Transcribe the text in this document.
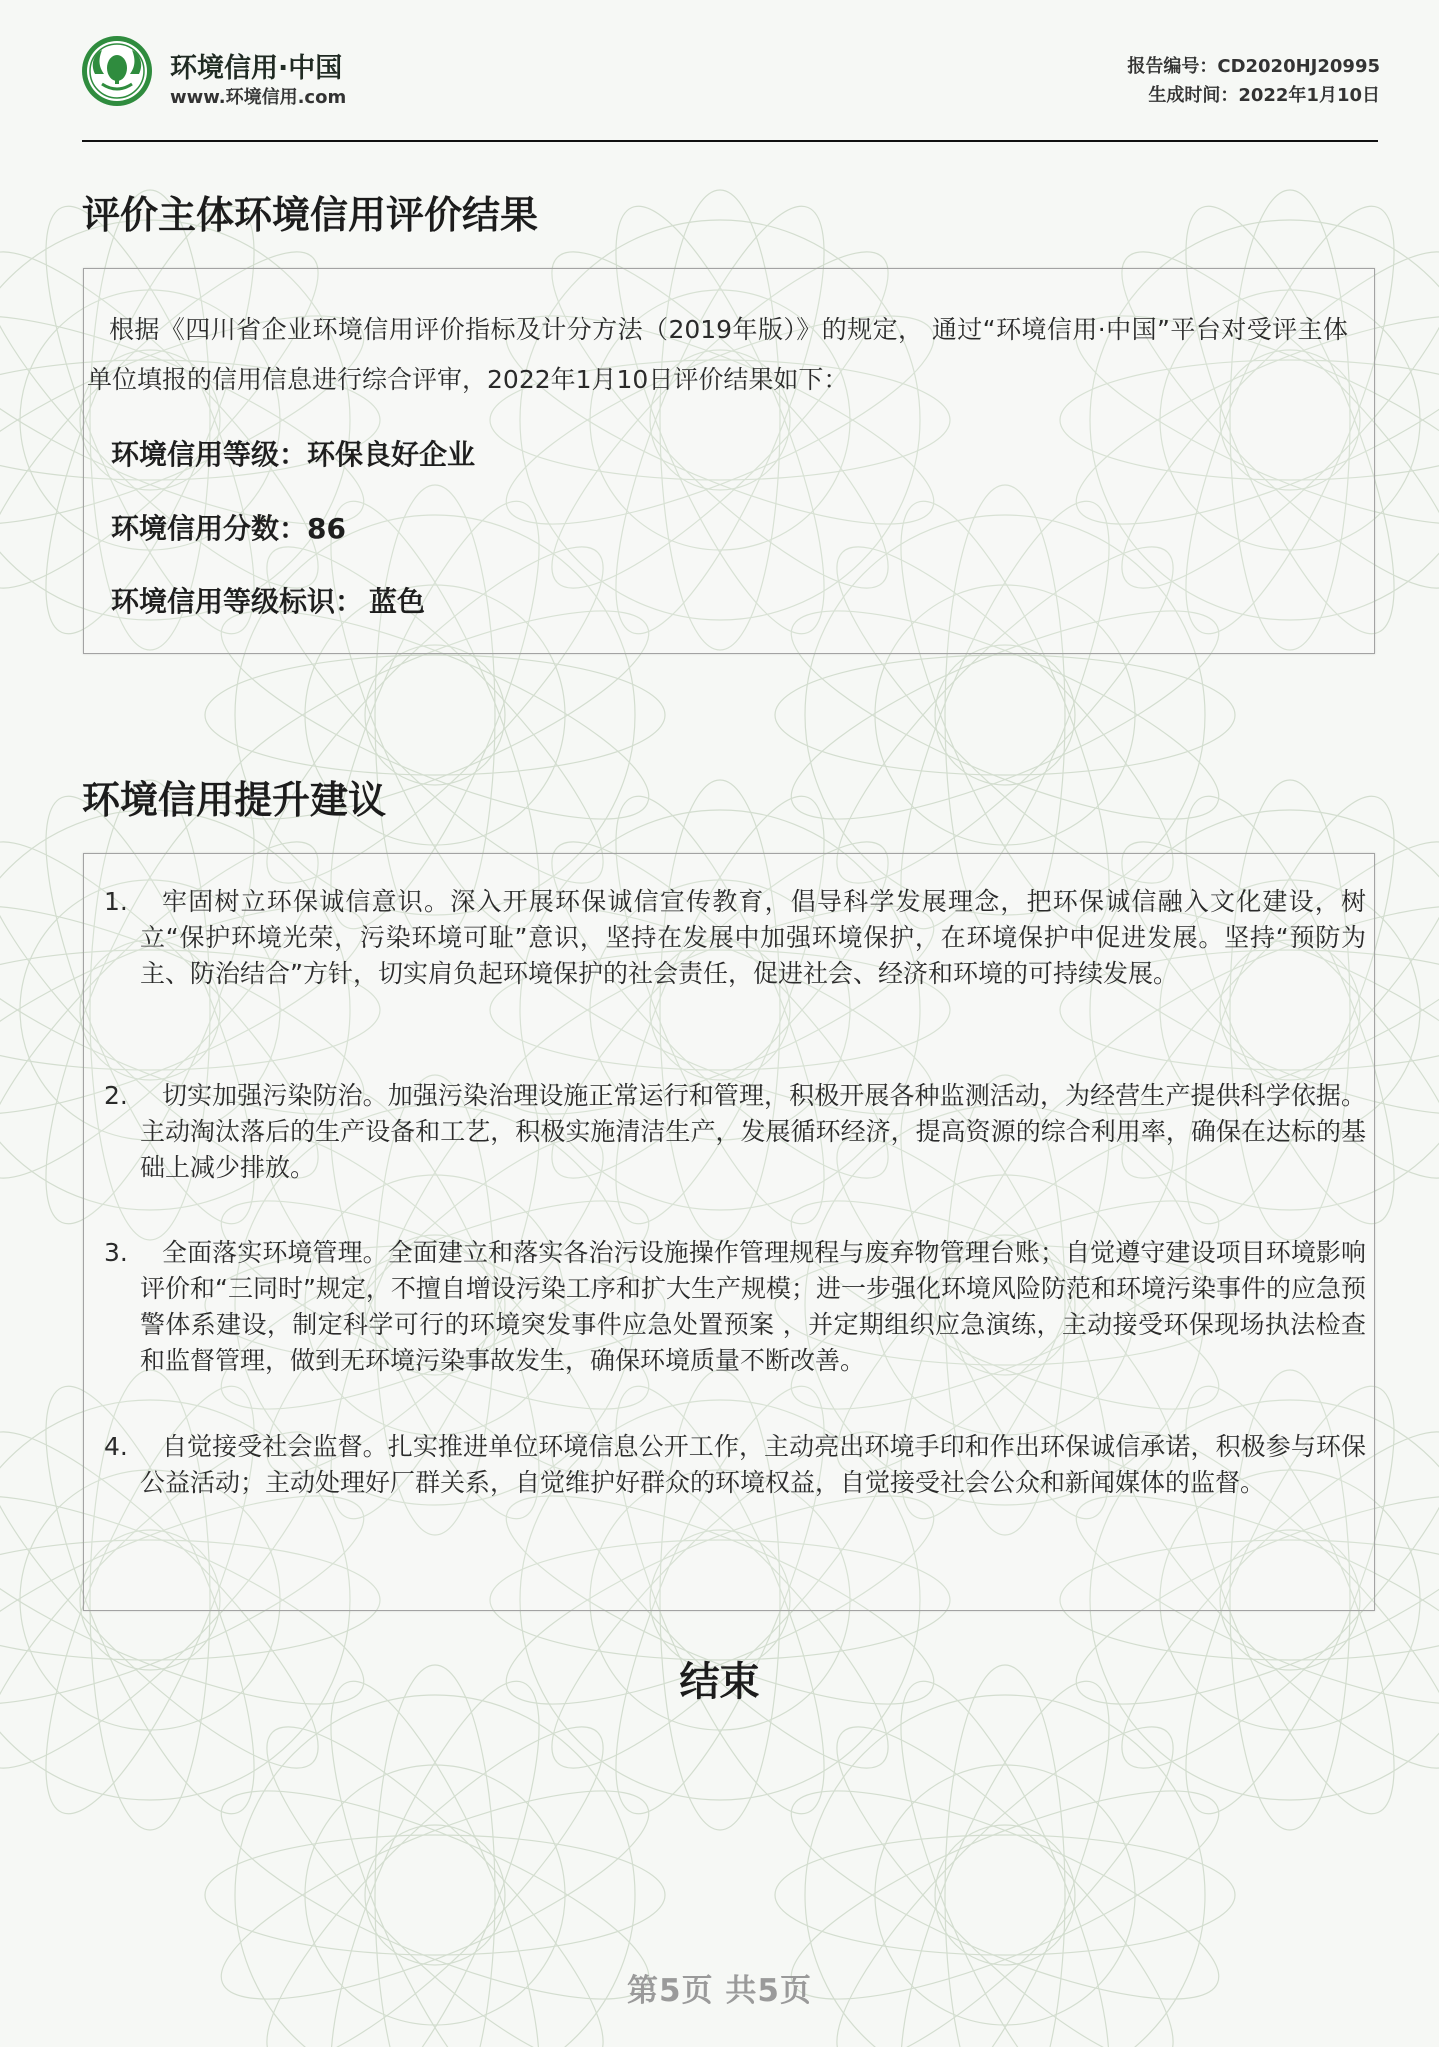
环境信用·中国
www.环境信用.com
报告编号：CD2020HJ20995
生成时间：2022年1月10日
评价主体环境信用评价结果
根据《四川省企业环境信用评价指标及计分方法（2019年版）》的规定， 通过“环境信用·中国”平台对受评主体单位填报的信用信息进行综合评审，2022年1月10日评价结果如下：
环境信用等级：环保良好企业
环境信用分数：86
环境信用等级标识： 蓝色
环境信用提升建议
1.	牢固树立环保诚信意识。深入开展环保诚信宣传教育，倡导科学发展理念，把环保诚信融入文化建设，树立“保护环境光荣，污染环境可耻”意识，坚持在发展中加强环境保护，在环境保护中促进发展。坚持“预防为主、防治结合”方针，切实肩负起环境保护的社会责任，促进社会、经济和环境的可持续发展。
2.	切实加强污染防治。加强污染治理设施正常运行和管理，积极开展各种监测活动，为经营生产提供科学依据。主动淘汰落后的生产设备和工艺，积极实施清洁生产，发展循环经济，提高资源的综合利用率，确保在达标的基础上减少排放。
3.	全面落实环境管理。全面建立和落实各治污设施操作管理规程与废弃物管理台账；自觉遵守建设项目环境影响评价和“三同时”规定，不擅自增设污染工序和扩大生产规模；进一步强化环境风险防范和环境污染事件的应急预警体系建设，制定科学可行的环境突发事件应急处置预案 ，并定期组织应急演练，主动接受环保现场执法检查和监督管理，做到无环境污染事故发生，确保环境质量不断改善。
4.	自觉接受社会监督。扎实推进单位环境信息公开工作，主动亮出环境手印和作出环保诚信承诺，积极参与环保公益活动；主动处理好厂群关系，自觉维护好群众的环境权益，自觉接受社会公众和新闻媒体的监督。
结束
第5页 共5页
